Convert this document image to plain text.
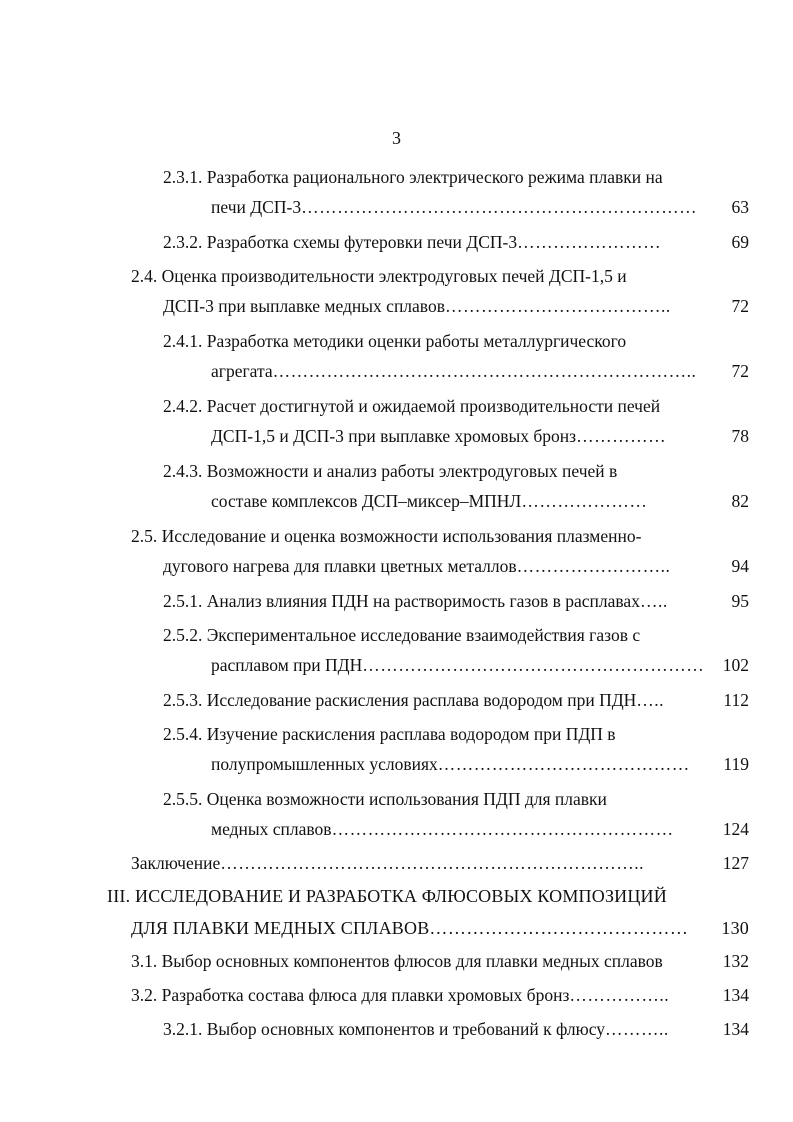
3
2.3.1. Разработка рационального электрического режима плавки на
печи ДСП-3………………………………………………………… 63
2.3.2. Разработка схемы футеровки печи ДСП-3……………………	69
2.4. Оценка производительности электродуговых печей ДСП-1,5 и
ДСП-3 при выплавке медных сплавов………………………………..	72
2.4.1. Разработка методики оценки работы металлургического
агрегата…………………………………………………………….. 72
2.4.2. Расчет достигнутой и ожидаемой производительности печей
ДСП-1,5 и ДСП-3 при выплавке хромовых бронз……………	78
2.4.3. Возможности и анализ работы электродуговых печей в
составе комплексов ДСП–миксер–МПНЛ…………………	82
2.5. Исследование и оценка возможности использования плазменно-
дугового нагрева для плавки цветных металлов……………………..	94
2.5.1. Анализ влияния ПДН на растворимость газов в расплавах…..	95
2.5.2. Экспериментальное исследование взаимодействия газов с
расплавом при ПДН………………………………………………… 102
2.5.3. Исследование раскисления расплава водородом при ПДН…..	112
2.5.4. Изучение раскисления расплава водородом при ПДП в
полупромышленных условиях…………………………………… 119
2.5.5. Оценка возможности использования ПДП для плавки
медных сплавов…………………………………………………	124
Заключение……………………………………………………………..	127
III. ИССЛЕДОВАНИЕ И РАЗРАБОТКА ФЛЮСОВЫХ КОМПОЗИЦИЙ
ДЛЯ ПЛАВКИ МЕДНЫХ СПЛАВОВ…………………………………… 130
3.1. Выбор основных компонентов флюсов для плавки медных сплавов	132
3.2. Разработка состава флюса для плавки хромовых бронз……………..	134
3.2.1. Выбор основных компонентов и требований к флюсу………..	134
